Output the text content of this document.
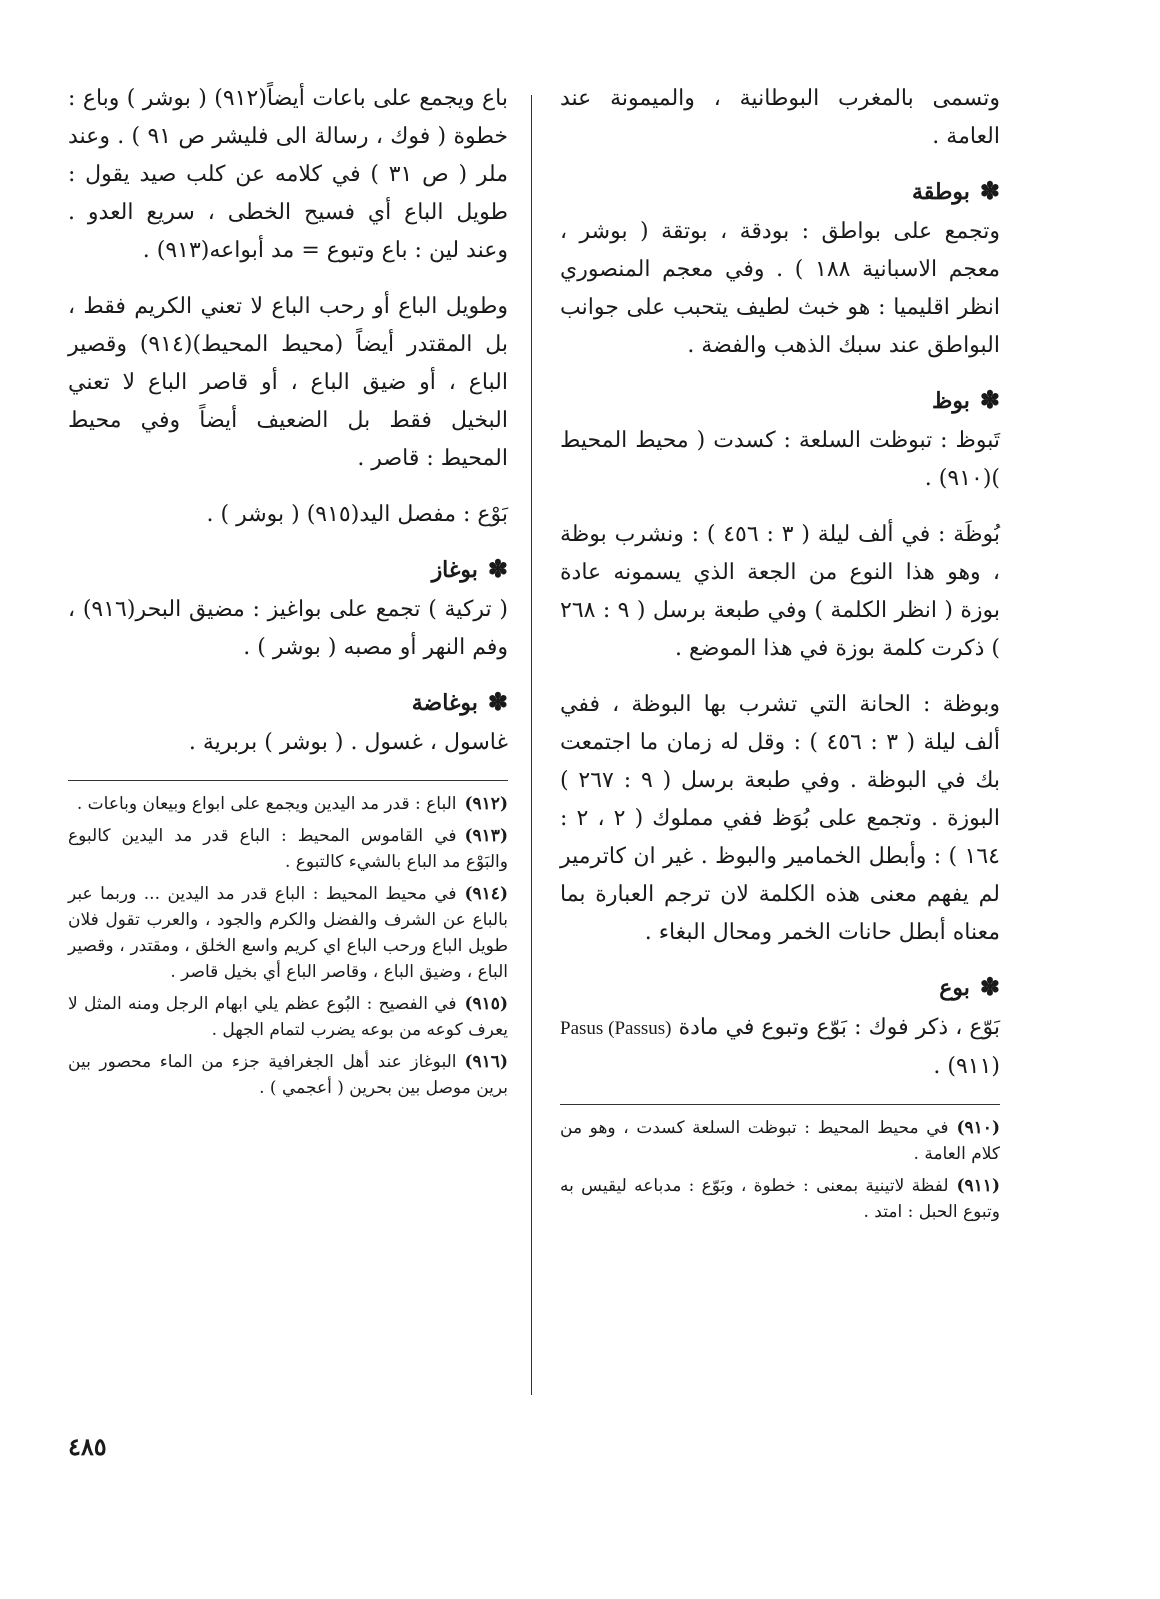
وتسمى بالمغرب البوطانية ، والميمونة عند العامة .

✽بوطقة

وتجمع على بواطق : بودقة ، بوتقة ( بوشر ، معجم الاسبانية ۱۸۸ ) . وفي معجم المنصوري انظر اقليميا : هو خبث لطيف يتحبب على جوانب البواطق عند سبك الذهب والفضة .

✽بوظ

تَبوظ : تبوظت السلعة : كسدت ( محيط المحيط )(٩١٠) .

بُوظَة : في ألف ليلة ( ٣ : ٤٥٦ ) : ونشرب بوظة ، وهو هذا النوع من الجعة الذي يسمونه عادة بوزة ( انظر الكلمة ) وفي طبعة برسل ( ٩ : ٢٦٨ ) ذكرت كلمة بوزة في هذا الموضع .

وبوظة : الحانة التي تشرب بها البوظة ، ففي ألف ليلة ( ٣ : ٤٥٦ ) : وقل له زمان ما اجتمعت بك في البوظة . وفي طبعة برسل ( ٩ : ٢٦٧ ) البوزة . وتجمع على بُوَظ ففي مملوك ( ٢ ، ٢ : ١٦٤ ) : وأبطل الخمامير والبوظ . غير ان كاترمير لم يفهم معنى هذه الكلمة لان ترجم العبارة بما معناه أبطل حانات الخمر ومحال البغاء .

✽بوع

بَوّع ، ذكر فوك : بَوّع وتبوع في مادة Pasus (Passus) (٩١١) .

(٩١٠)في محيط المحيط : تبوظت السلعة كسدت ، وهو من كلام العامة .
(٩١١)لفظة لاتينية بمعنى : خطوة ، وبَوّع : مدباعه ليقيس به وتبوع الحبل : امتد .

باع ويجمع على باعات أيضاً(٩١٢) ( بوشر ) وباع : خطوة ( فوك ، رسالة الى فليشر ص ٩١ ) . وعند ملر ( ص ٣١ ) في كلامه عن كلب صيد يقول : طويل الباع أي فسيح الخطى ، سريع العدو . وعند لين : باع وتبوع = مد أبواعه(٩١٣) .

وطويل الباع أو رحب الباع لا تعني الكريم فقط ، بل المقتدر أيضاً (محيط المحيط)(٩١٤) وقصير الباع ، أو ضيق الباع ، أو قاصر الباع لا تعني البخيل فقط بل الضعيف أيضاً وفي محيط المحيط : قاصر .

بَوْع : مفصل اليد(٩١٥) ( بوشر ) .

✽بوغاز

( تركية ) تجمع على بواغيز : مضيق البحر(٩١٦) ، وفم النهر أو مصبه ( بوشر ) .

✽بوغاضة

غاسول ، غسول . ( بوشر ) بربرية .

(٩١٢)الباع : قدر مد اليدين ويجمع على ابواع وبيعان وباعات .
(٩١٣)في القاموس المحيط : الباع قدر مد اليدين كالبوع والبَوْع مد الباع بالشيء كالتبوع .
(٩١٤)في محيط المحيط : الباع قدر مد اليدين ... وربما عبر بالباع عن الشرف والفضل والكرم والجود ، والعرب تقول فلان طويل الباع ورحب الباع اي كريم واسع الخلق ، ومقتدر ، وقصير الباع ، وضيق الباع ، وقاصر الباع أي بخيل قاصر .
(٩١٥)في الفصيح : البُوع عظم يلي ابهام الرجل ومنه المثل لا يعرف كوعه من بوعه يضرب لتمام الجهل .
(٩١٦)البوغاز عند أهل الجغرافية جزء من الماء محصور بين برين موصل بين بحرين ( أعجمي ) .
٤٨٥
